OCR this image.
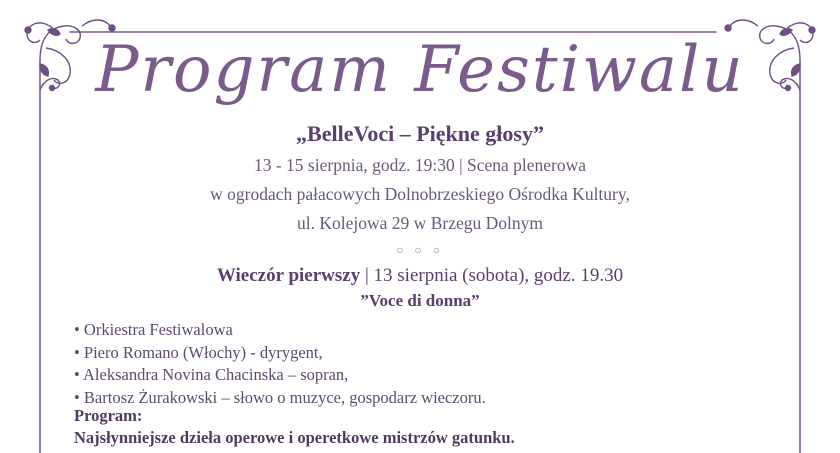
Program Festiwalu
„BelleVoci – Piękne głosy”
13 - 15 sierpnia, godz. 19:30 | Scena plenerowa
w ogrodach pałacowych Dolnobrzeskiego Ośrodka Kultury,
ul. Kolejowa 29 w Brzegu Dolnym
○ ○ ○
Wieczór pierwszy | 13 sierpnia (sobota), godz. 19.30
”Voce di donna”
• Orkiestra Festiwalowa
• Piero Romano (Włochy) - dyrygent,
• Aleksandra Novina Chacinska – sopran,
• Bartosz Żurakowski – słowo o muzyce, gospodarz wieczoru.
Program:
Najsłynniejsze dzieła operowe i operetkowe mistrzów gatunku.
